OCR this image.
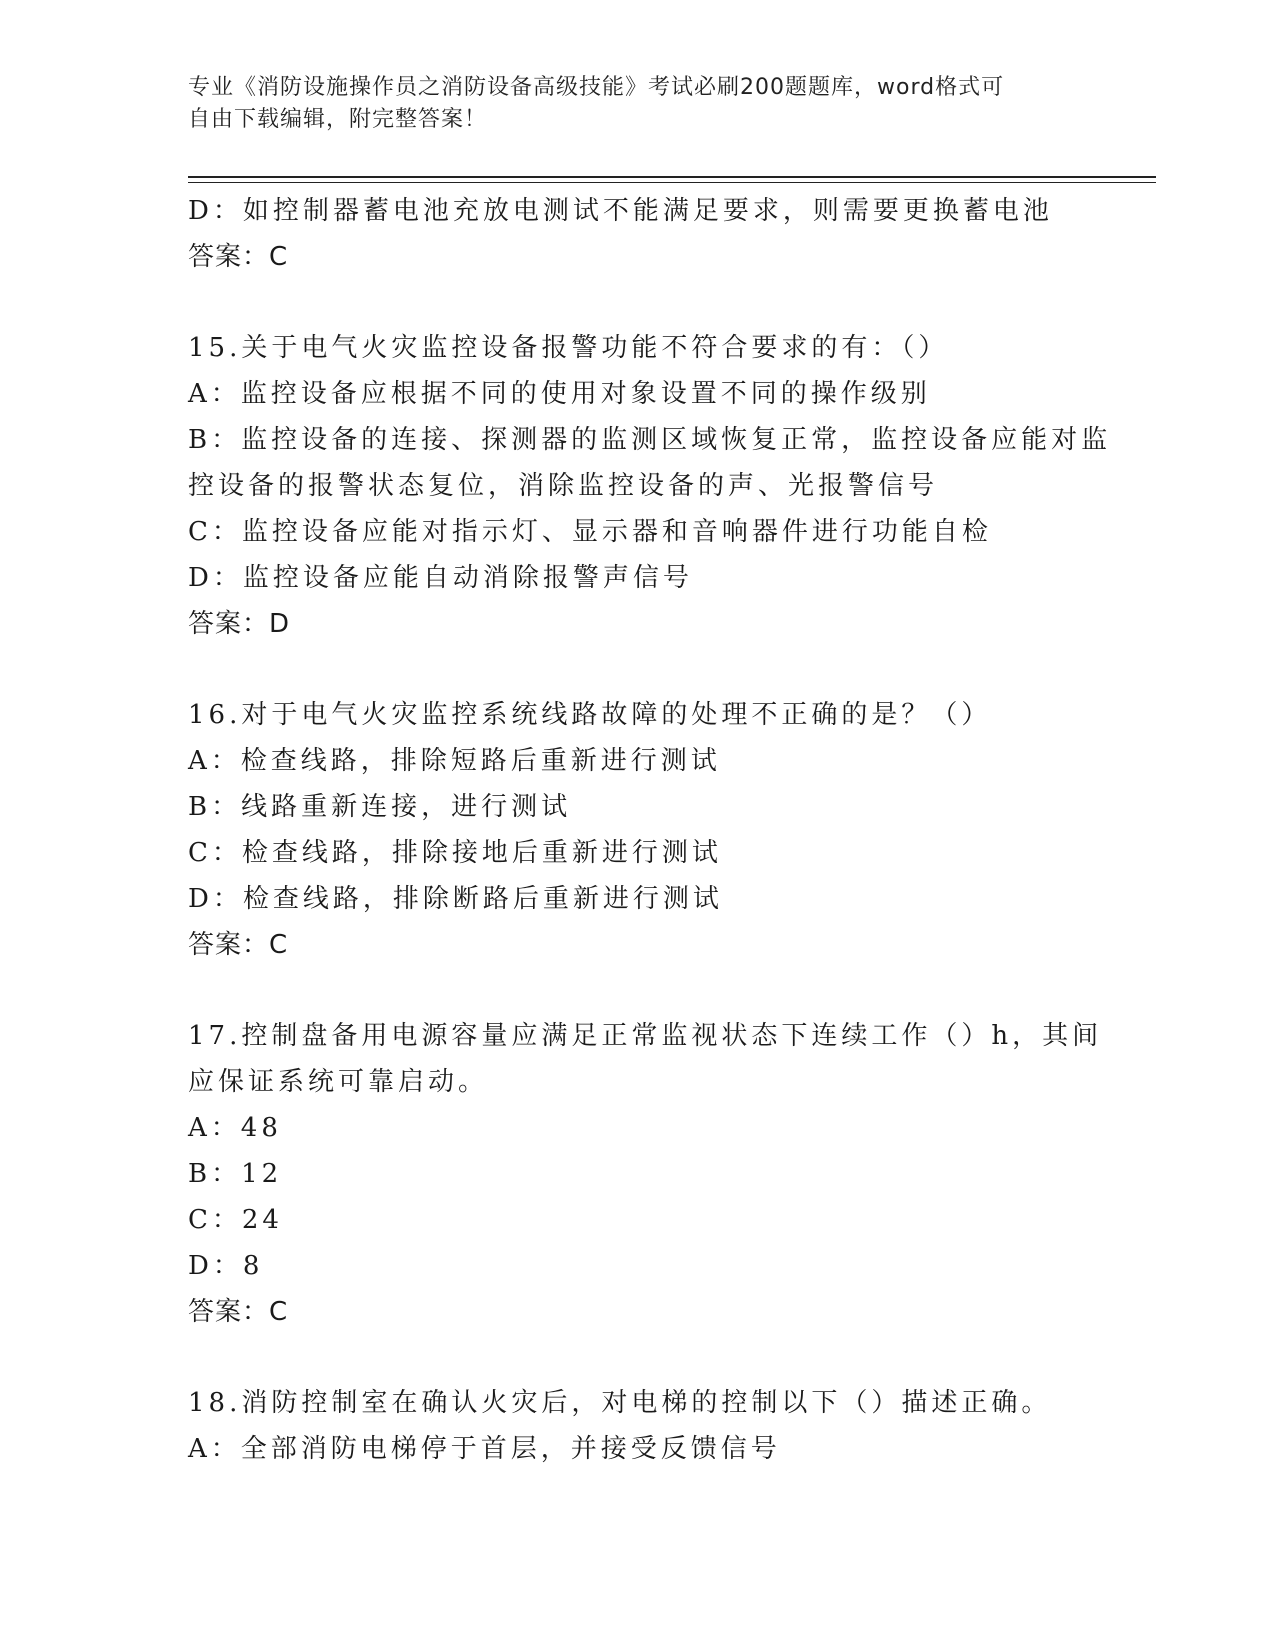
专业《消防设施操作员之消防设备高级技能》考试必刷200题题库，word格式可
自由下载编辑，附完整答案！
D：如控制器蓄电池充放电测试不能满足要求，则需要更换蓄电池
答案：C
15.关于电气火灾监控设备报警功能不符合要求的有：（）
A：监控设备应根据不同的使用对象设置不同的操作级别
B：监控设备的连接、探测器的监测区域恢复正常，监控设备应能对监
控设备的报警状态复位，消除监控设备的声、光报警信号
C：监控设备应能对指示灯、显示器和音响器件进行功能自检
D：监控设备应能自动消除报警声信号
答案：D
16.对于电气火灾监控系统线路故障的处理不正确的是？（）
A：检查线路，排除短路后重新进行测试
B：线路重新连接，进行测试
C：检查线路，排除接地后重新进行测试
D：检查线路，排除断路后重新进行测试
答案：C
17.控制盘备用电源容量应满足正常监视状态下连续工作（）h，其间
应保证系统可靠启动。
A：48
B：12
C：24
D：8
答案：C
18.消防控制室在确认火灾后，对电梯的控制以下（）描述正确。
A：全部消防电梯停于首层，并接受反馈信号
